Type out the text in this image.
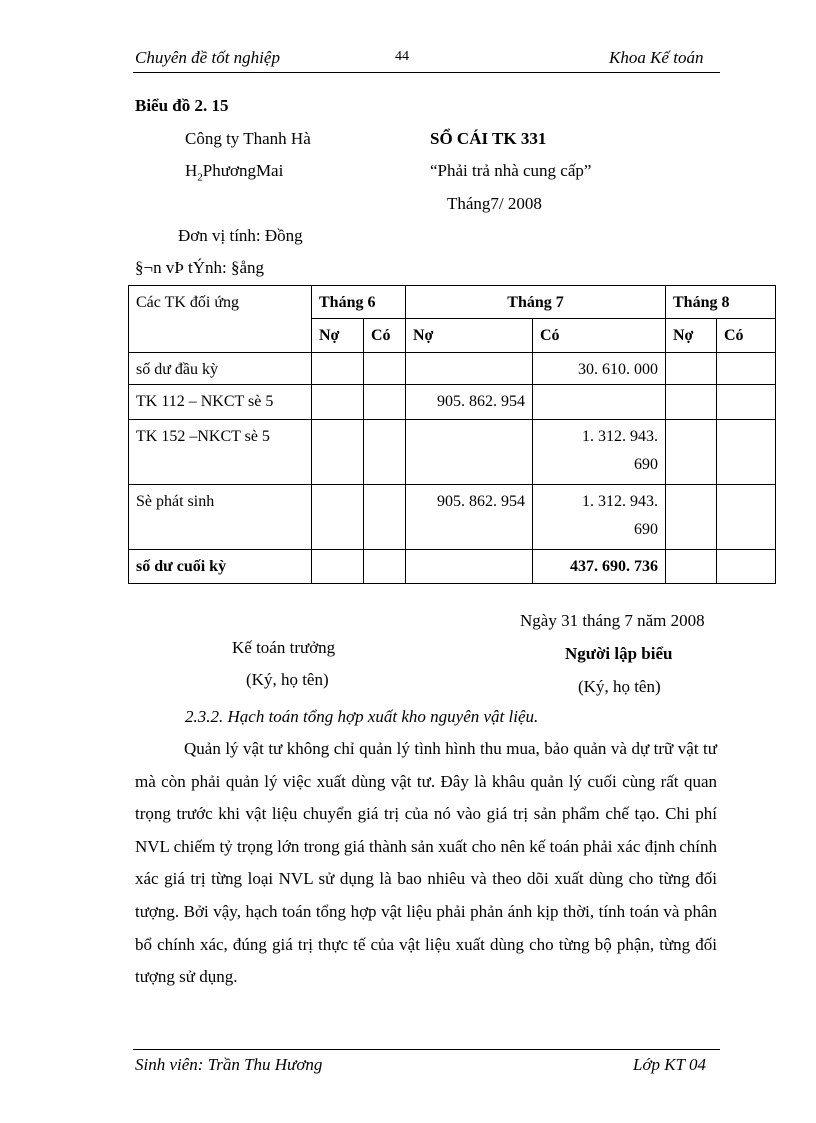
Chuyên đề tốt nghiệp	44	Khoa Kế toán
Biểu đồ 2. 15
Công ty Thanh Hà
$H_2PhươngMai$
SỔ CÁI TK 331
“Phải trả nhà cung cấp”
Tháng7/ 2008
Đơn vị tính: Đồng
§¬n vÞ tÝnh: §ång
Các TK đối ứng	Tháng 6		Tháng 7		Tháng 8	
	Nợ	Có	Nợ	Có	Nợ	Có
số dư đầu kỳ				30. 610. 000		
TK 112 – NKCT sè 5			905. 862. 954			
TK 152 –NKCT sè 5				1. 312. 943.
690		

Sè phát sinh			905. 862. 954	1. 312. 943.
690		

số dư cuối kỳ				437. 690. 736		
Ngày 31 tháng 7 năm 2008
Kế toán trưởng
(Ký, họ tên)
Người lập biểu
(Ký, họ tên)
2.3.2. Hạch toán tổng hợp xuất kho nguyên vật liệu.
Quản lý vật tư không chỉ quản lý tình hình thu mua, bảo quản và dự trữ vật tư mà còn phải quản lý việc xuất dùng vật tư. Đây là khâu quản lý cuối cùng rất quan trọng trước khi vật liệu chuyển giá trị của nó vào giá trị sản phẩm chế tạo. Chi phí NVL chiếm tỷ trọng lớn trong giá thành sản xuất cho nên kế toán phải xác định chính xác giá trị từng loại NVL sử dụng là bao nhiêu và theo dõi xuất dùng cho từng đối tượng. Bởi vậy, hạch toán tổng hợp vật liệu phải phản ánh kịp thời, tính toán và phân bổ chính xác, đúng giá trị thực tế của vật liệu xuất dùng cho từng bộ phận, từng đối tượng sử dụng.
Sinh viên: Trần Thu Hương	Lớp KT 04
